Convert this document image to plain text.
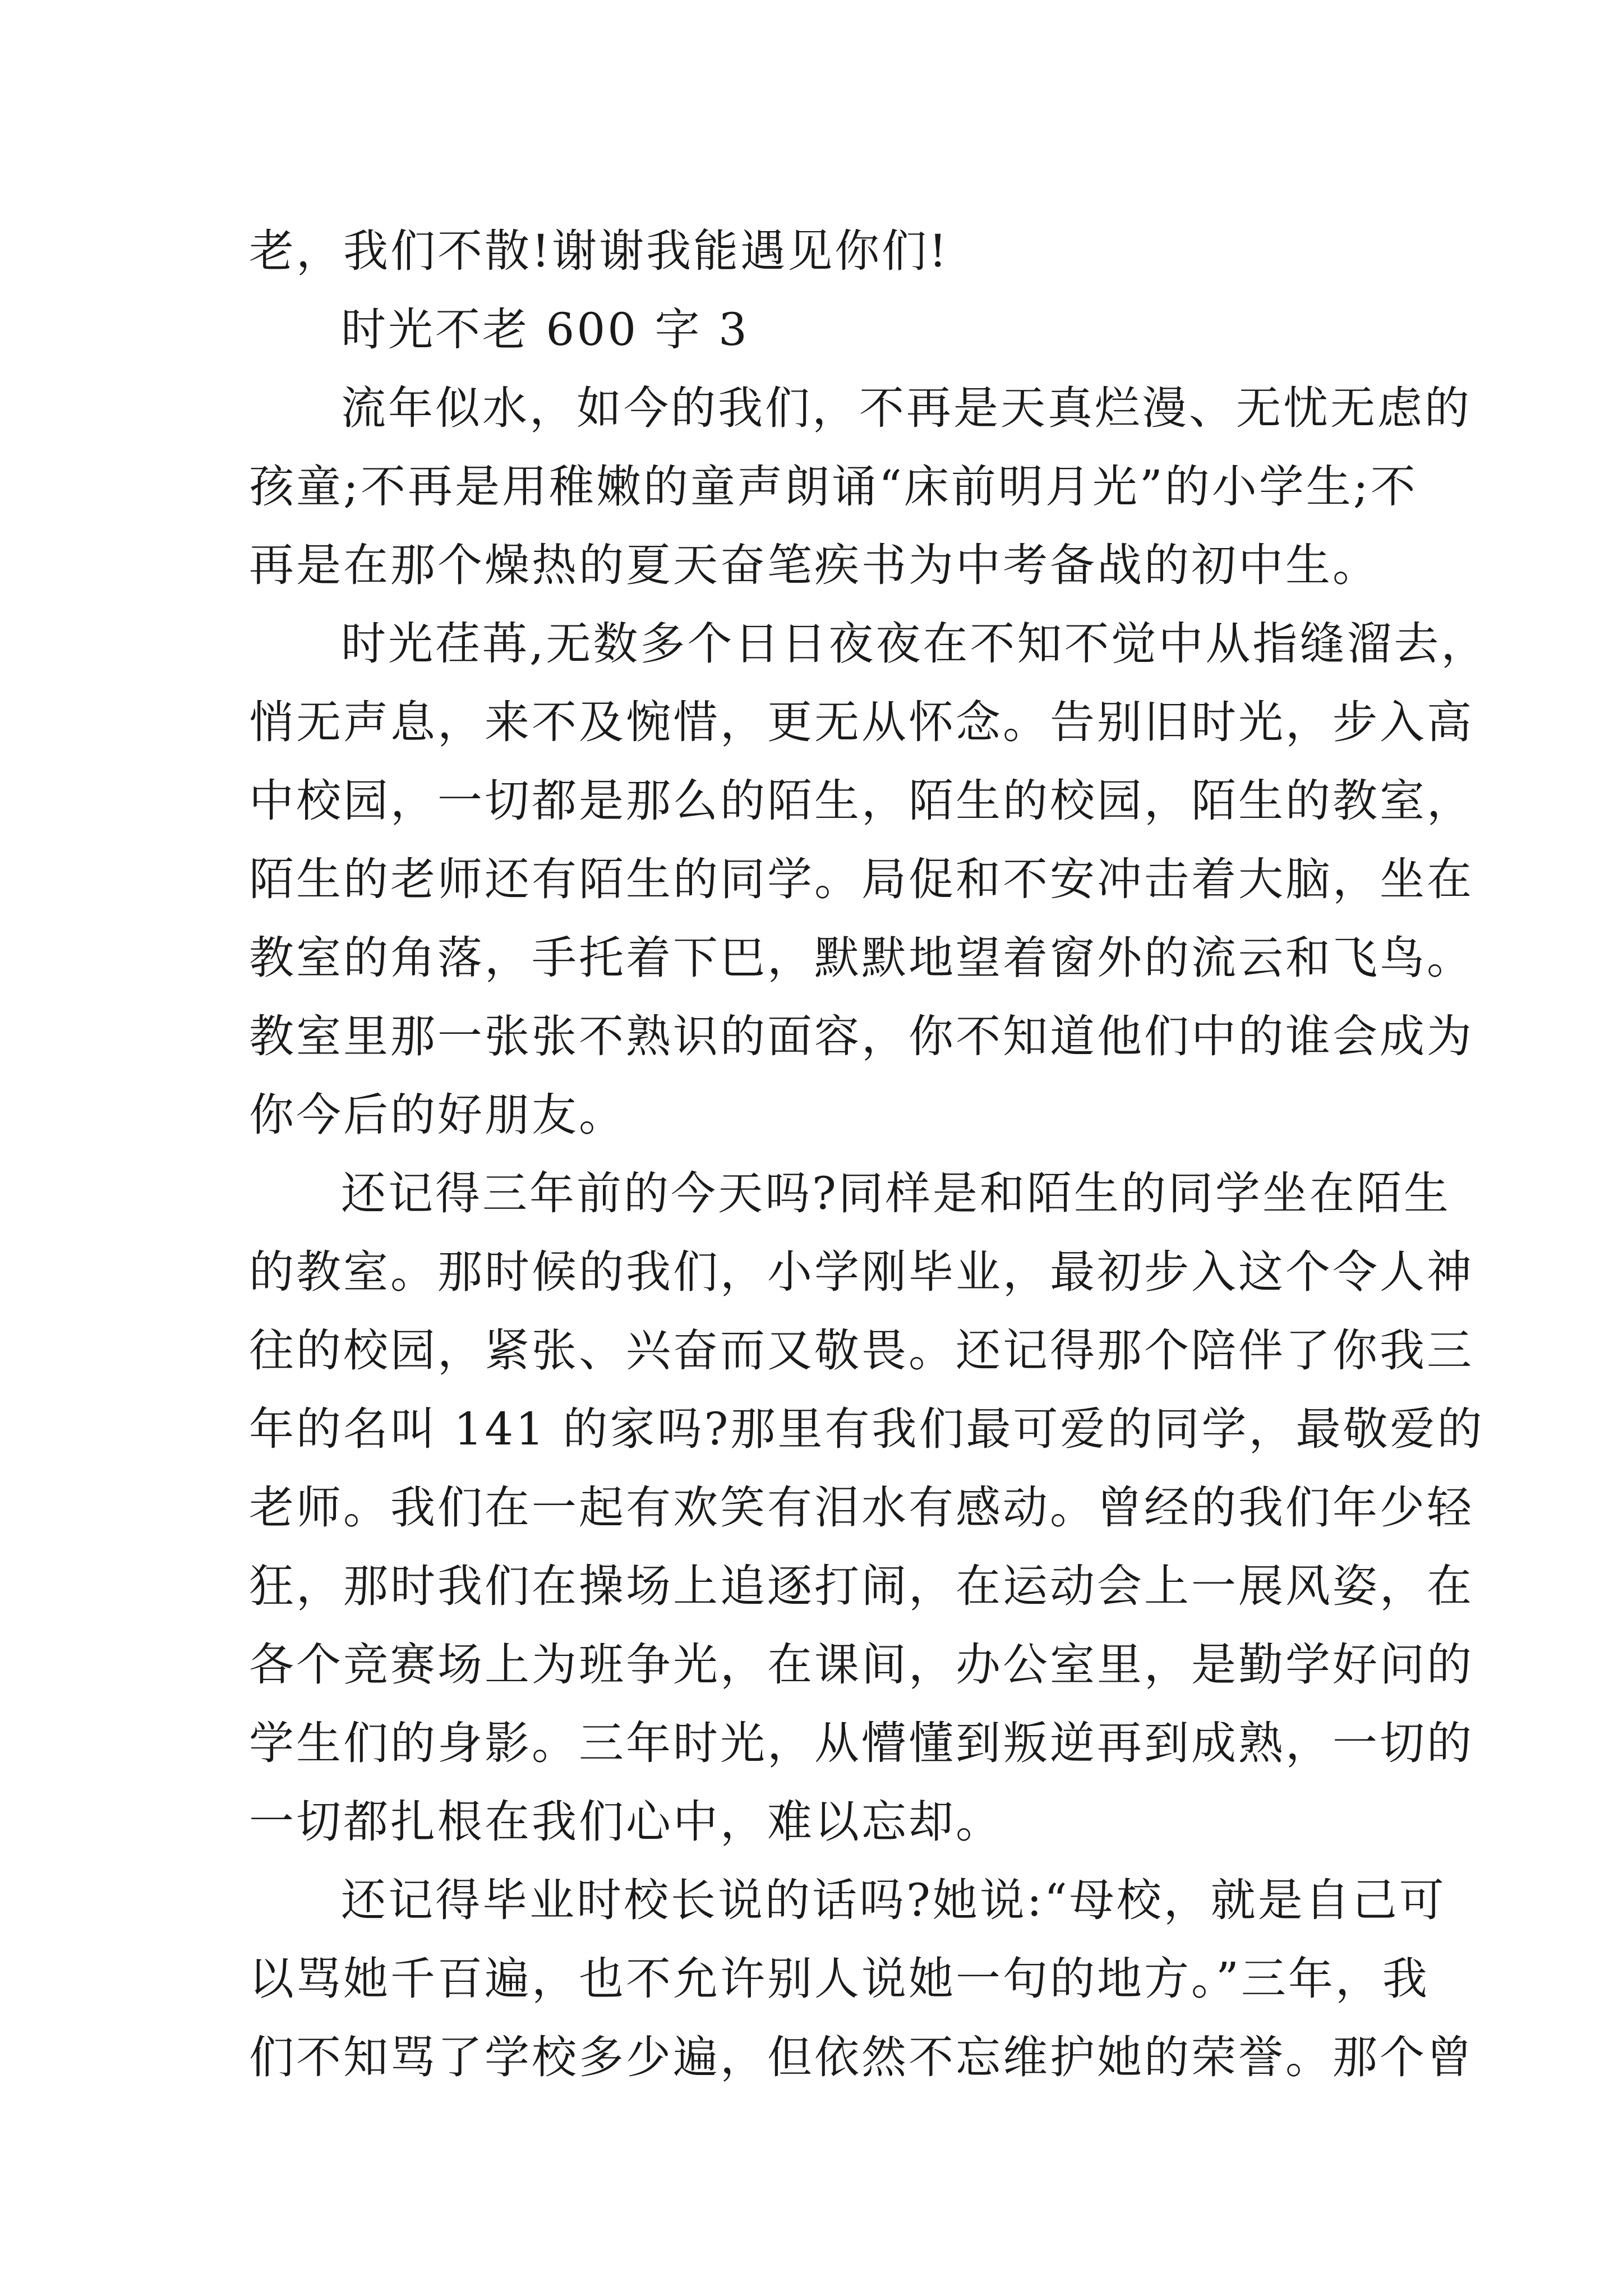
老，我们不散!谢谢我能遇见你们!
时光不老 600 字 3
流年似水，如今的我们，不再是天真烂漫、无忧无虑的
孩童;不再是用稚嫩的童声朗诵“床前明月光”的小学生;不
再是在那个燥热的夏天奋笔疾书为中考备战的初中生。
时光荏苒,无数多个日日夜夜在不知不觉中从指缝溜去，
悄无声息，来不及惋惜，更无从怀念。告别旧时光，步入高
中校园，一切都是那么的陌生，陌生的校园，陌生的教室，
陌生的老师还有陌生的同学。局促和不安冲击着大脑，坐在
教室的角落，手托着下巴，默默地望着窗外的流云和飞鸟。
教室里那一张张不熟识的面容，你不知道他们中的谁会成为
你今后的好朋友。
还记得三年前的今天吗?同样是和陌生的同学坐在陌生
的教室。那时候的我们，小学刚毕业，最初步入这个令人神
往的校园，紧张、兴奋而又敬畏。还记得那个陪伴了你我三
年的名叫 141 的家吗?那里有我们最可爱的同学，最敬爱的
老师。我们在一起有欢笑有泪水有感动。曾经的我们年少轻
狂，那时我们在操场上追逐打闹，在运动会上一展风姿，在
各个竞赛场上为班争光，在课间，办公室里，是勤学好问的
学生们的身影。三年时光，从懵懂到叛逆再到成熟，一切的
一切都扎根在我们心中，难以忘却。
还记得毕业时校长说的话吗?她说:“母校，就是自己可
以骂她千百遍，也不允许别人说她一句的地方。”三年，我
们不知骂了学校多少遍，但依然不忘维护她的荣誉。那个曾
